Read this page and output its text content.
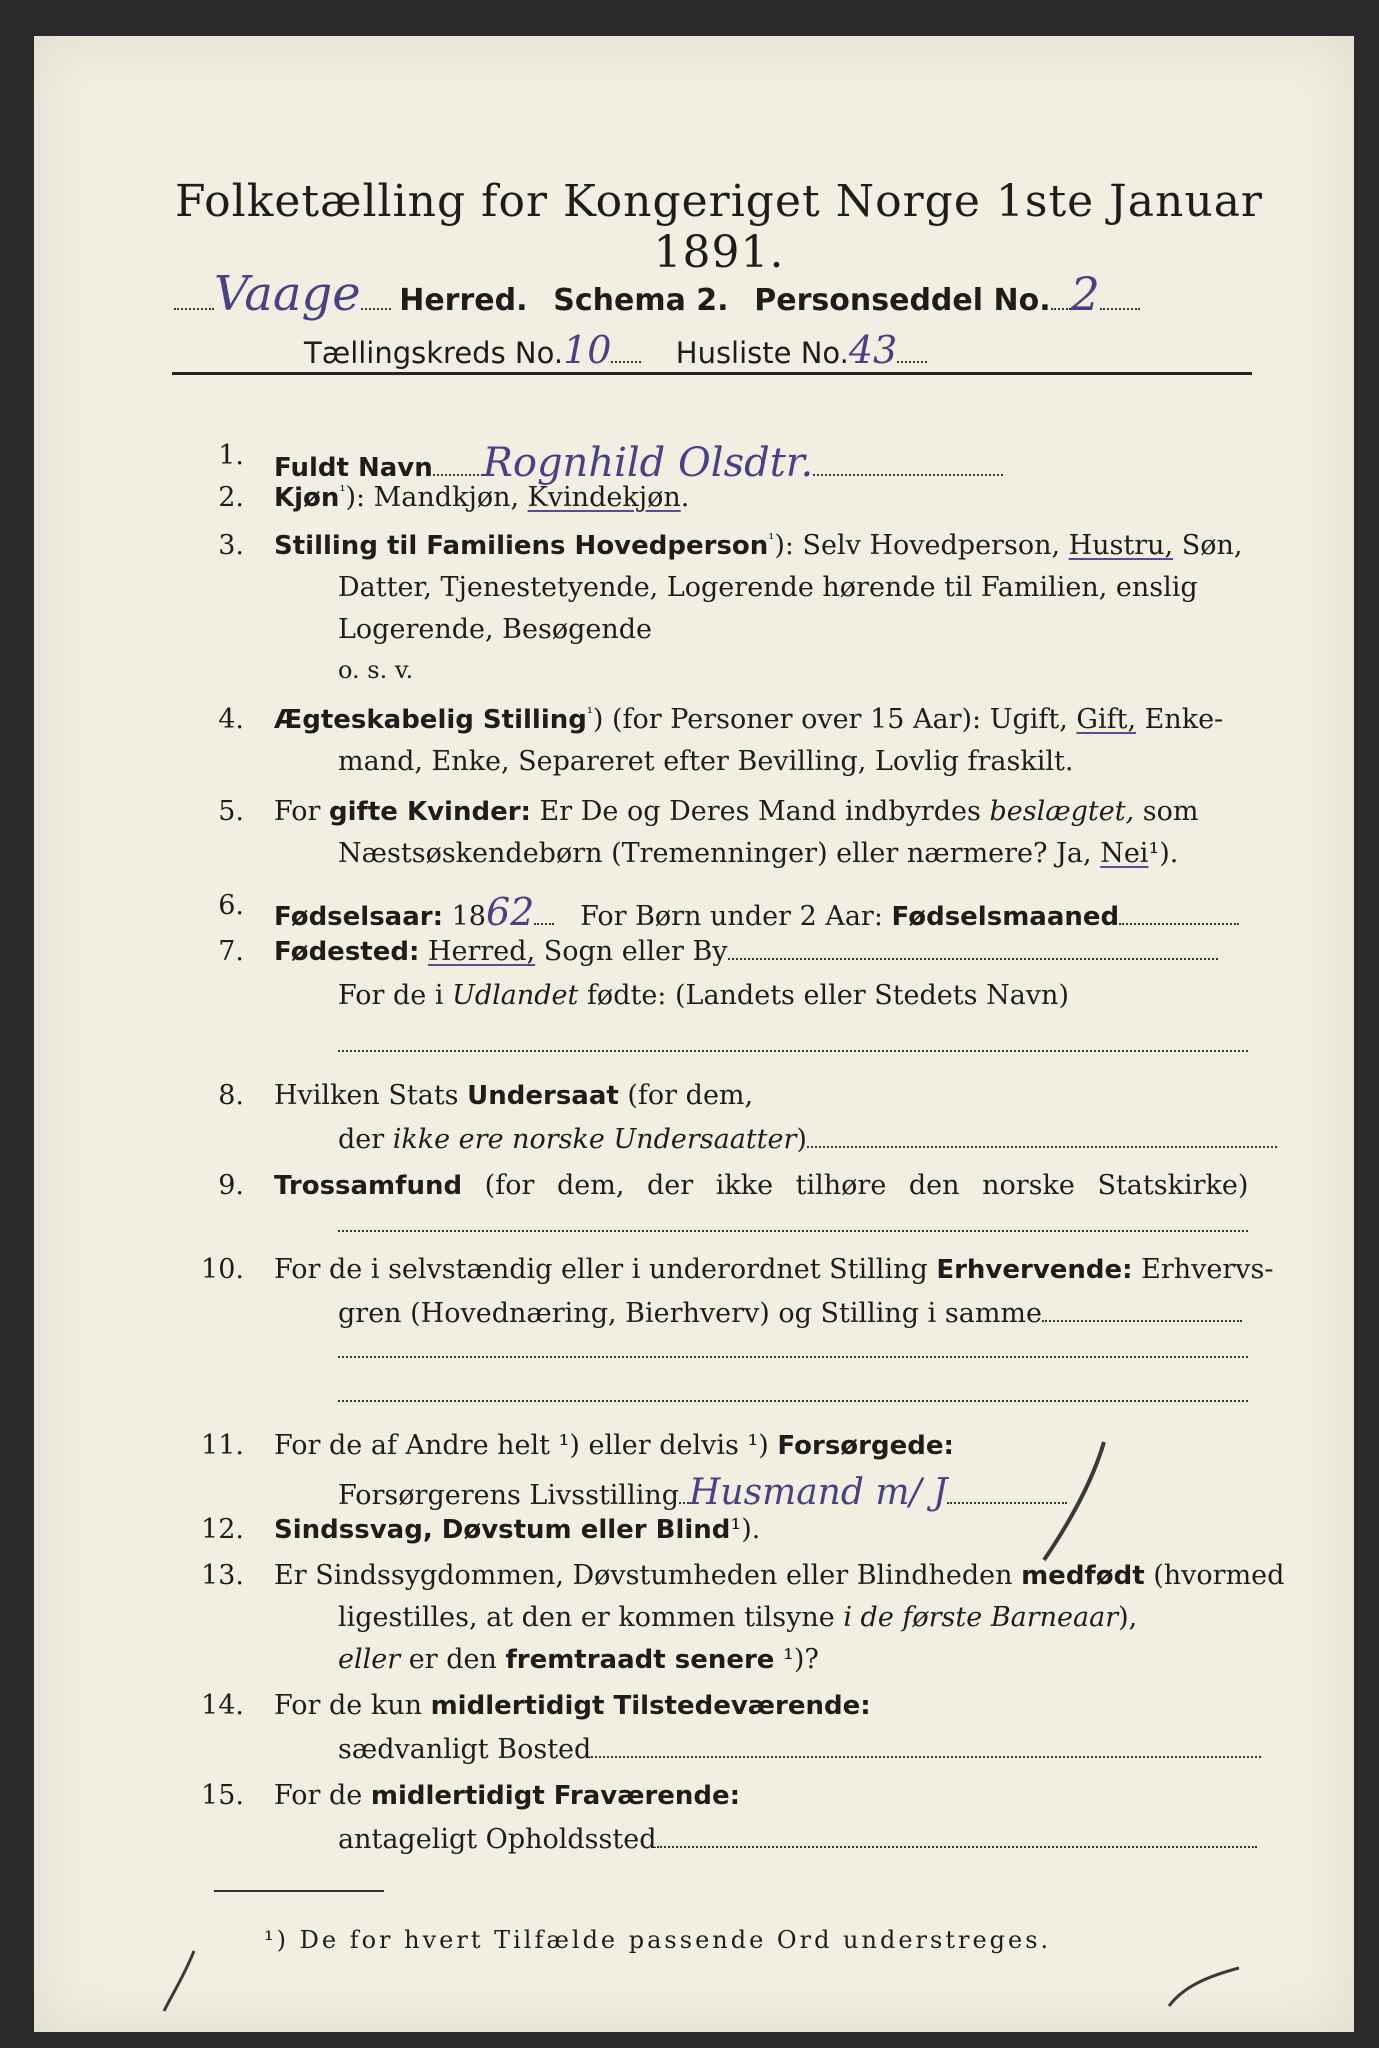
Folketælling for Kongeriget Norge 1ste Januar 1891.
Vaage Herred. Schema 2. Personseddel No. 2
Tællingskreds No.10 Husliste No.43
1. Fuldt Navn Rognhild Olsdtr.
2. Kjøn$^{^1}$): Mandkjøn, Kvindekjøn.
3. Stilling til Familiens Hovedperson$^{^1}$): Selv Hovedperson, Hustru, Søn,
Datter, Tjenestetyende, Logerende hørende til Familien, enslig
Logerende, Besøgende
o. s. v.
4. Ægteskabelig Stilling$^{^1}$) (for Personer over 15 Aar): Ugift, Gift, Enke-
mand, Enke, Separeret efter Bevilling, Lovlig fraskilt.
5. For gifte Kvinder: Er De og Deres Mand indbyrdes beslægtet, som
Næstsøskendebørn (Tremenninger) eller nærmere? Ja, Nei¹).
6. Fødselsaar: 1862 For Børn under 2 Aar: Fødselsmaaned
7. Fødested: Herred, Sogn eller By
For de i Udlandet fødte: (Landets eller Stedets Navn)
8. Hvilken Stats Undersaat (for dem,
der ikke ere norske Undersaatter)
9. Trossamfund (for dem, der ikke tilhøre den norske Statskirke)
10. For de i selvstændig eller i underordnet Stilling Erhvervende: Erhvervs-
gren (Hovednæring, Bierhverv) og Stilling i samme
11. For de af Andre helt ¹) eller delvis ¹) Forsørgede:
Forsørgerens Livsstilling Husmand m/ J
12. Sindssvag, Døvstum eller Blind¹).
13. Er Sindssygdommen, Døvstumheden eller Blindheden medfødt (hvormed
ligestilles, at den er kommen tilsyne i de første Barneaar),
eller er den fremtraadt senere ¹)?
14. For de kun midlertidigt Tilstedeværende:
sædvanligt Bosted
15. For de midlertidigt Fraværende:
antageligt Opholdssted
¹) De for hvert Tilfælde passende Ord understreges.
